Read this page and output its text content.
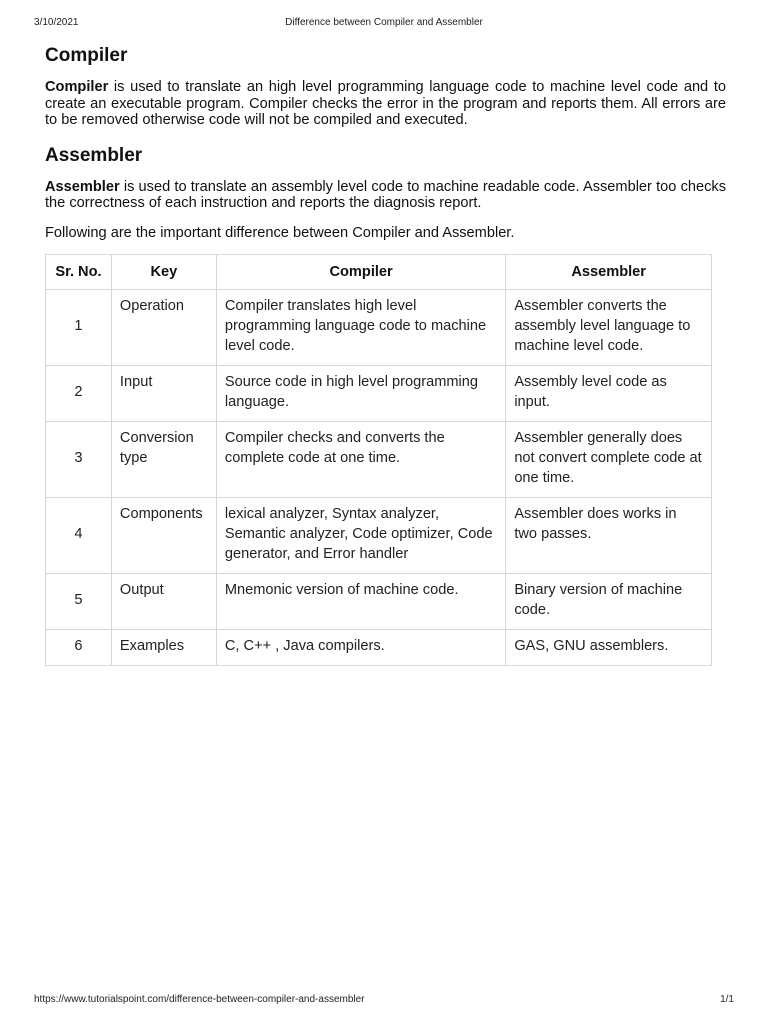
3/10/2021	Difference between Compiler and Assembler
Compiler

Compiler is used to translate an high level programming language code to machine level code and to create an executable program. Compiler checks the error in the program and reports them. All errors are to be removed otherwise code will not be compiled and executed.

Assembler

Assembler is used to translate an assembly level code to machine readable code. Assembler too checks the correctness of each instruction and reports the diagnosis report.

Following are the important difference between Compiler and Assembler.

Sr. No.	Key	Compiler	Assembler
1	Operation	Compiler translates high level programming language code to machine level code.	Assembler converts the assembly level language to machine level code.
2	Input	Source code in high level programming language.	Assembly level code as input.
3	Conversion type	Compiler checks and converts the complete code at one time.	Assembler generally does not convert complete code at one time.
4	Components	lexical analyzer, Syntax analyzer, Semantic analyzer, Code optimizer, Code generator, and Error handler	Assembler does works in two passes.
5	Output	Mnemonic version of machine code.	Binary version of machine code.
6	Examples	C, C++ , Java compilers.	GAS, GNU assemblers.
https://www.tutorialspoint.com/difference-between-compiler-and-assembler	1/1
